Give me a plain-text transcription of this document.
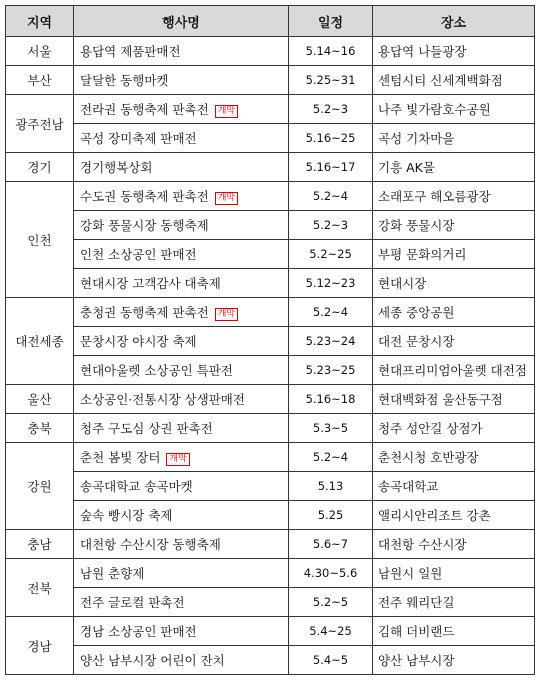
지역	행사명	일정	장소
서울	용답역 제품판매전	5.14~16	용답역 나들광장
부산	달달한 동행마켓	5.25~31	센텀시티 신세계백화점
광주전남	전라권 동행축제 판촉전 개막	5.2~3	나주 빛가람호수공원
	곡성 장미축제 판매전	5.16~25	곡성 기차마을
경기	경기행복상회	5.16~17	기흥 AK몰
인천	수도권 동행축제 판촉전 개막	5.2~4	소래포구 해오름광장
	강화 풍물시장 동행축제	5.2~3	강화 풍물시장
	인천 소상공인 판매전	5.2~25	부평 문화의거리
	현대시장 고객감사 대축제	5.12~23	현대시장
대전세종	충청권 동행축제 판촉전 개막	5.2~4	세종 중앙공원
	문창시장 야시장 축제	5.23~24	대전 문창시장
	현대아울렛 소상공인 특판전	5.23~25	현대프리미엄아울렛 대전점
울산	소상공인·전통시장 상생판매전	5.16~18	현대백화점 울산동구점
충북	청주 구도심 상권 판촉전	5.3~5	청주 성안길 상점가
강원	춘천 봄빛 장터 개막	5.2~4	춘천시청 호반광장
	송곡대학교 송곡마켓	5.13	송곡대학교
	숲속 빵시장 축제	5.25	앨리시안리조트 강촌
충남	대천항 수산시장 동행축제	5.6~7	대천항 수산시장
전북	남원 춘향제	4.30~5.6	남원시 일원
	전주 글로컬 판촉전	5.2~5	전주 웨리단길
경남	경남 소상공인 판매전	5.4~25	김해 더비랜드
	양산 남부시장 어린이 잔치	5.4~5	양산 남부시장
